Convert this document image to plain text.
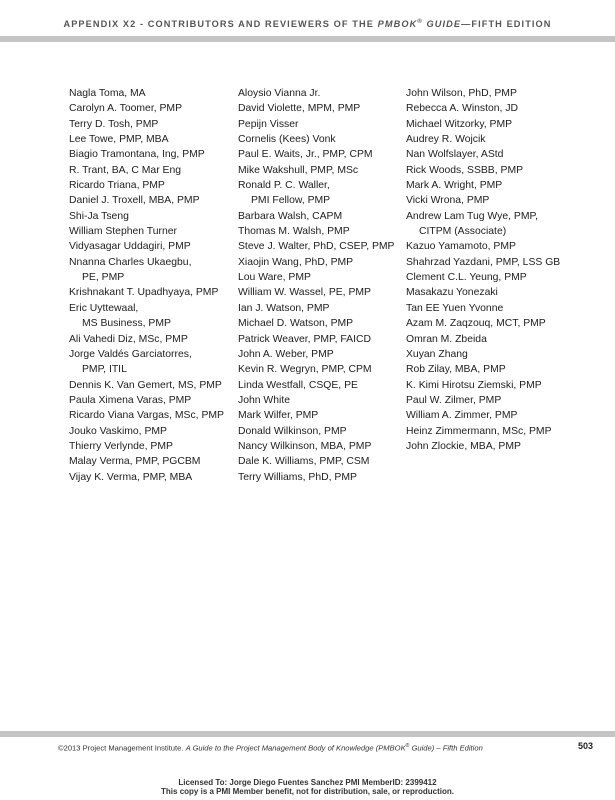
APPENDIX X2 - CONTRIBUTORS AND REVIEWERS OF THE PMBOK® GUIDE—FIFTH EDITION
Nagla Toma, MA
Carolyn A. Toomer, PMP
Terry D. Tosh, PMP
Lee Towe, PMP, MBA
Biagio Tramontana, Ing, PMP
R. Trant, BA, C Mar Eng
Ricardo Triana, PMP
Daniel J. Troxell, MBA, PMP
Shi-Ja Tseng
William Stephen Turner
Vidyasagar Uddagiri, PMP
Nnanna Charles Ukaegbu,
PE, PMP
Krishnakant T. Upadhyaya, PMP
Eric Uyttewaal,
MS Business, PMP
Ali Vahedi Diz, MSc, PMP
Jorge Valdés Garciatorres,
PMP, ITIL
Dennis K. Van Gemert, MS, PMP
Paula Ximena Varas, PMP
Ricardo Viana Vargas, MSc, PMP
Jouko Vaskimo, PMP
Thierry Verlynde, PMP
Malay Verma, PMP, PGCBM
Vijay K. Verma, PMP, MBA
Aloysio Vianna Jr.
David Violette, MPM, PMP
Pepijn Visser
Cornelis (Kees) Vonk
Paul E. Waits, Jr., PMP, CPM
Mike Wakshull, PMP, MSc
Ronald P. C. Waller,
PMI Fellow, PMP
Barbara Walsh, CAPM
Thomas M. Walsh, PMP
Steve J. Walter, PhD, CSEP, PMP
Xiaojin Wang, PhD, PMP
Lou Ware, PMP
William W. Wassel, PE, PMP
Ian J. Watson, PMP
Michael D. Watson, PMP
Patrick Weaver, PMP, FAICD
John A. Weber, PMP
Kevin R. Wegryn, PMP, CPM
Linda Westfall, CSQE, PE
John White
Mark Wilfer, PMP
Donald Wilkinson, PMP
Nancy Wilkinson, MBA, PMP
Dale K. Williams, PMP, CSM
Terry Williams, PhD, PMP
John Wilson, PhD, PMP
Rebecca A. Winston, JD
Michael Witzorky, PMP
Audrey R. Wojcik
Nan Wolfslayer, AStd
Rick Woods, SSBB, PMP
Mark A. Wright, PMP
Vicki Wrona, PMP
Andrew Lam Tug Wye, PMP,
CITPM (Associate)
Kazuo Yamamoto, PMP
Shahrzad Yazdani, PMP, LSS GB
Clement C.L. Yeung, PMP
Masakazu Yonezaki
Tan EE Yuen Yvonne
Azam M. Zaqzouq, MCT, PMP
Omran M. Zbeida
Xuyan Zhang
Rob Zilay, MBA, PMP
K. Kimi Hirotsu Ziemski, PMP
Paul W. Zilmer, PMP
William A. Zimmer, PMP
Heinz Zimmermann, MSc, PMP
John Zlockie, MBA, PMP
©2013 Project Management Institute. A Guide to the Project Management Body of Knowledge (PMBOK® Guide) – Fifth Edition	503
Licensed To: Jorge Diego Fuentes Sanchez PMI MemberID: 2399412
This copy is a PMI Member benefit, not for distribution, sale, or reproduction.
